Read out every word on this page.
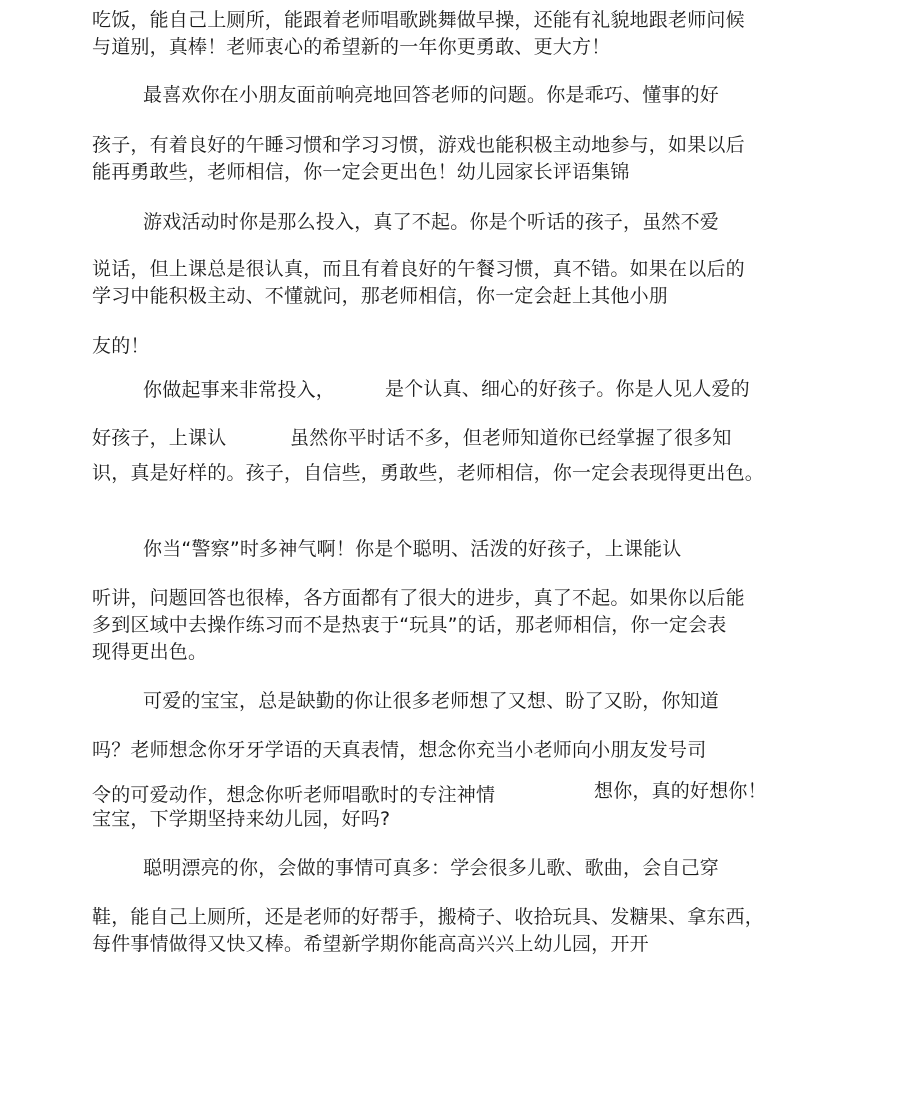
吃饭，能自己上厕所，能跟着老师唱歌跳舞做早操，还能有礼貌地跟老师问候
与道别，真棒！老师衷心的希望新的一年你更勇敢、更大方！
最喜欢你在小朋友面前响亮地回答老师的问题。你是乖巧、懂事的好
孩子，有着良好的午睡习惯和学习习惯，游戏也能积极主动地参与，如果以后
能再勇敢些，老师相信，你一定会更出色！幼儿园家长评语集锦
游戏活动时你是那么投入，真了不起。你是个听话的孩子，虽然不爱
说话，但上课总是很认真，而且有着良好的午餐习惯，真不错。如果在以后的
学习中能积极主动、不懂就问，那老师相信，你一定会赶上其他小朋
友的！
你做起事来非常投入，	是个认真、细心的好孩子。你是人见人爱的
好孩子，上课认	虽然你平时话不多，但老师知道你已经掌握了很多知
识，真是好样的。孩子，自信些，勇敢些，老师相信，你一定会表现得更出色。
你当“警察”时多神气啊！你是个聪明、活泼的好孩子，上课能认
听讲，问题回答也很棒，各方面都有了很大的进步，真了不起。如果你以后能
多到区域中去操作练习而不是热衷于“玩具”的话，那老师相信，你一定会表
现得更出色。
可爱的宝宝，总是缺勤的你让很多老师想了又想、盼了又盼，你知道
吗？老师想念你牙牙学语的天真表情，想念你充当小老师向小朋友发号司
令的可爱动作，想念你听老师唱歌时的专注神情	想你，真的好想你！
宝宝，下学期坚持来幼儿园，好吗?
聪明漂亮的你，会做的事情可真多：学会很多儿歌、歌曲，会自己穿
鞋，能自己上厕所，还是老师的好帮手，搬椅子、收拾玩具、发糖果、拿东西，
每件事情做得又快又棒。希望新学期你能高高兴兴上幼儿园，开开
